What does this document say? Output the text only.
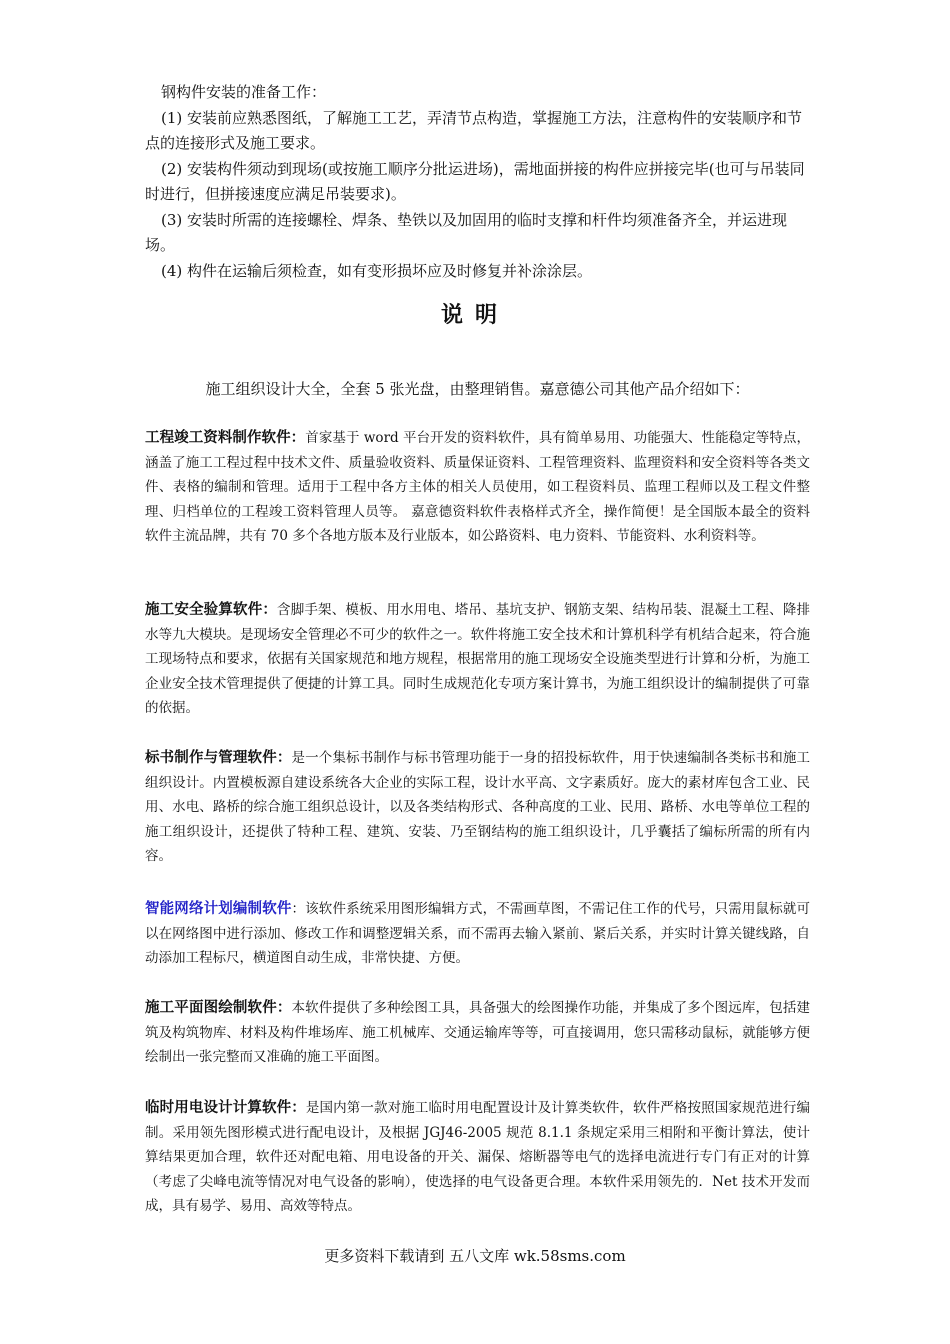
钢构件安装的准备工作：

(1) 安装前应熟悉图纸，了解施工工艺，弄清节点构造，掌握施工方法，注意构件的安装顺序和节点的连接形式及施工要求。

(2) 安装构件须动到现场(或按施工顺序分批运进场)，需地面拼接的构件应拼接完毕(也可与吊装同时进行，但拼接速度应满足吊装要求)。

(3) 安装时所需的连接螺栓、焊条、垫铁以及加固用的临时支撑和杆件均须准备齐全，并运进现场。

(4) 构件在运输后须检查，如有变形损坏应及时修复并补涂涂层。

说明

施工组织设计大全，全套 5 张光盘，由整理销售。嘉意德公司其他产品介绍如下：

工程竣工资料制作软件：首家基于 word 平台开发的资料软件，具有简单易用、功能强大、性能稳定等特点，涵盖了施工工程过程中技术文件、质量验收资料、质量保证资料、工程管理资料、监理资料和安全资料等各类文件、表格的编制和管理。适用于工程中各方主体的相关人员使用，如工程资料员、监理工程师以及工程文件整理、归档单位的工程竣工资料管理人员等。 嘉意德资料软件表格样式齐全，操作简便！是全国版本最全的资料软件主流品牌，共有 70 多个各地方版本及行业版本，如公路资料、电力资料、节能资料、水利资料等。

施工安全验算软件：含脚手架、模板、用水用电、塔吊、基坑支护、钢筋支架、结构吊装、混凝土工程、降排水等九大模块。是现场安全管理必不可少的软件之一。软件将施工安全技术和计算机科学有机结合起来，符合施工现场特点和要求，依据有关国家规范和地方规程，根据常用的施工现场安全设施类型进行计算和分析，为施工企业安全技术管理提供了便捷的计算工具。同时生成规范化专项方案计算书，为施工组织设计的编制提供了可靠的依据。

标书制作与管理软件：是一个集标书制作与标书管理功能于一身的招投标软件，用于快速编制各类标书和施工组织设计。内置模板源自建设系统各大企业的实际工程，设计水平高、文字素质好。庞大的素材库包含工业、民用、水电、路桥的综合施工组织总设计，以及各类结构形式、各种高度的工业、民用、路桥、水电等单位工程的施工组织设计，还提供了特种工程、建筑、安装、乃至钢结构的施工组织设计，几乎囊括了编标所需的所有内容。

智能网络计划编制软件：该软件系统采用图形编辑方式，不需画草图，不需记住工作的代号，只需用鼠标就可以在网络图中进行添加、修改工作和调整逻辑关系，而不需再去输入紧前、紧后关系，并实时计算关键线路，自动添加工程标尺，横道图自动生成，非常快捷、方便。

施工平面图绘制软件：本软件提供了多种绘图工具，具备强大的绘图操作功能，并集成了多个图远库，包括建筑及构筑物库、材料及构件堆场库、施工机械库、交通运输库等等，可直接调用，您只需移动鼠标，就能够方便绘制出一张完整而又准确的施工平面图。

临时用电设计计算软件：是国内第一款对施工临时用电配置设计及计算类软件，软件严格按照国家规范进行编制。采用领先图形模式进行配电设计，及根据 JGJ46-2005 规范 8.1.1 条规定采用三相附和平衡计算法，使计算结果更加合理，软件还对配电箱、用电设备的开关、漏保、熔断器等电气的选择电流进行专门有正对的计算（考虑了尖峰电流等情况对电气设备的影响），使选择的电气设备更合理。本软件采用领先的．Net 技术开发而成，具有易学、易用、高效等特点。

更多资料下载请到 五八文库 wk.58sms.com
